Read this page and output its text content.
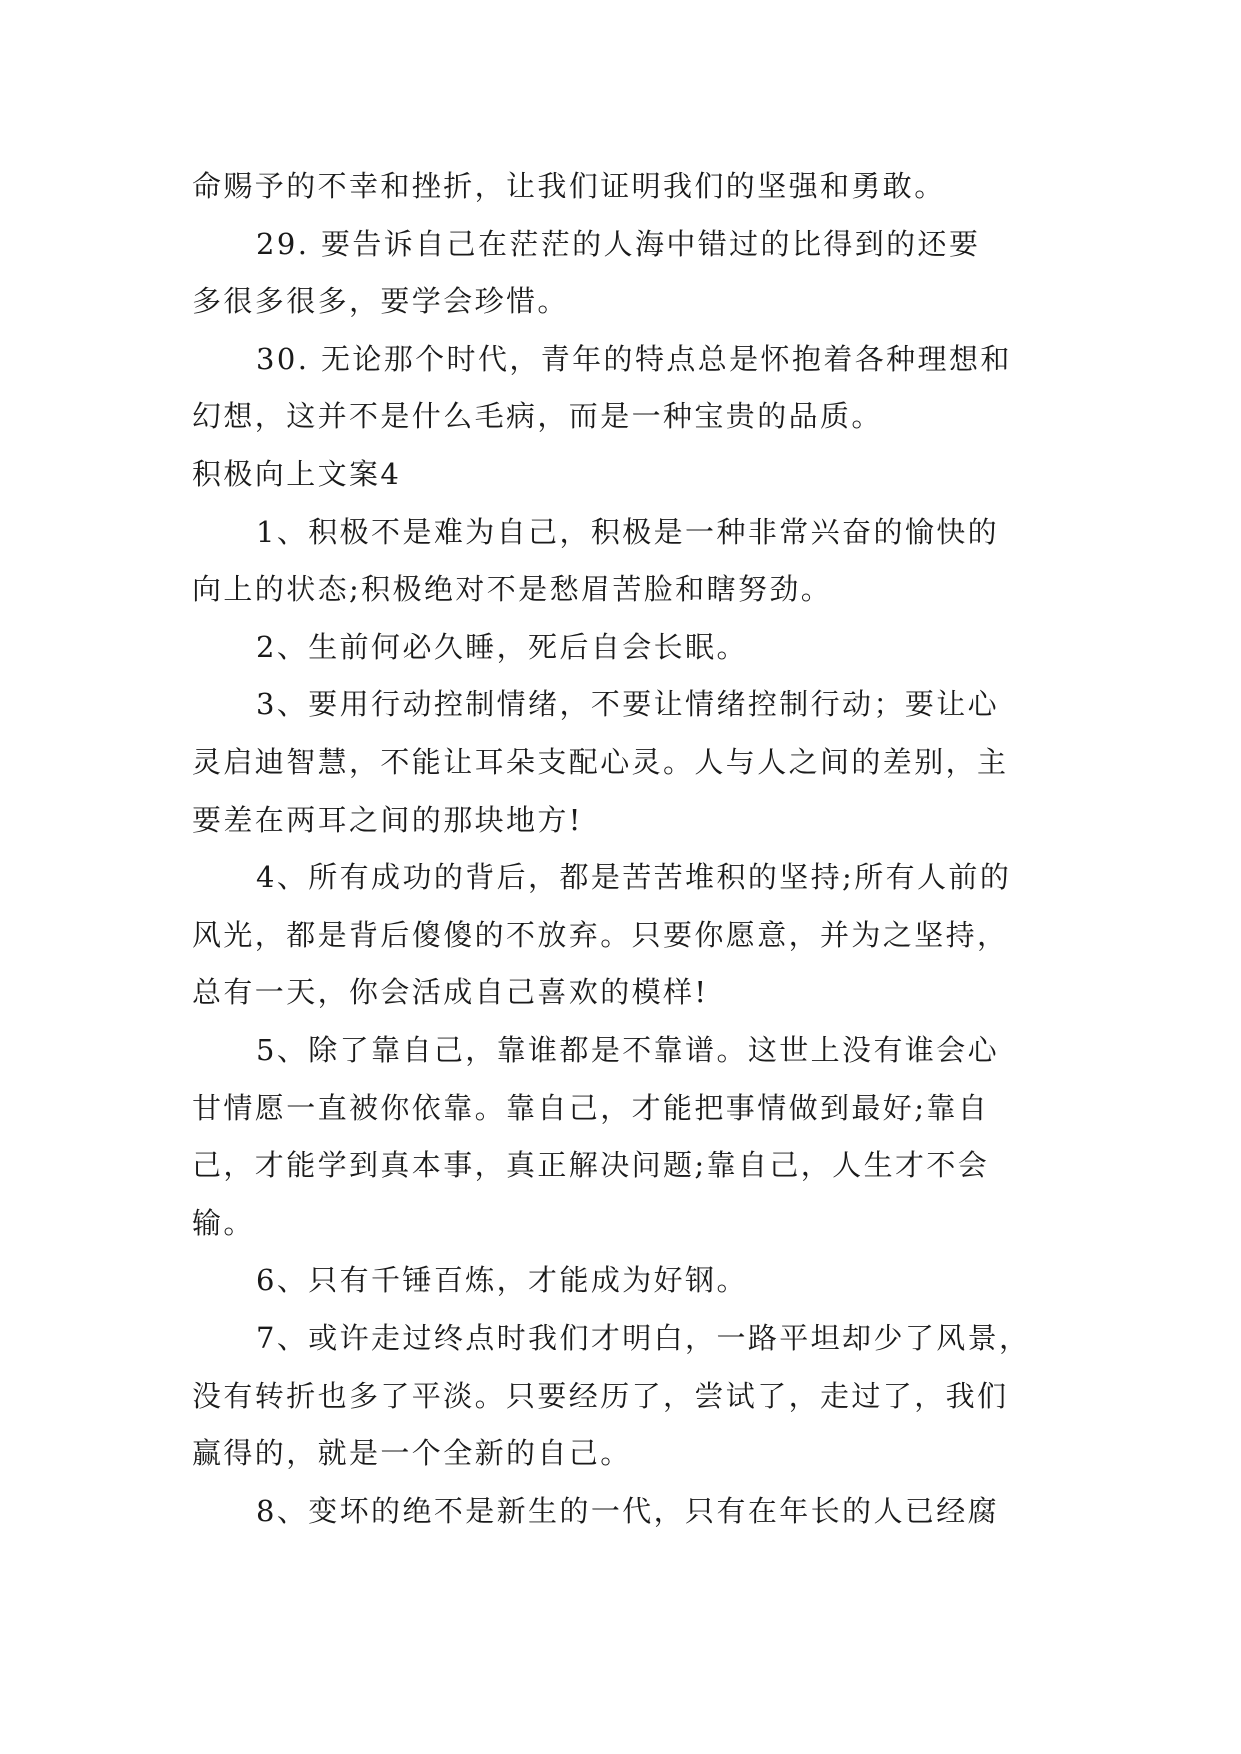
命赐予的不幸和挫折，让我们证明我们的坚强和勇敢。
29. 要告诉自己在茫茫的人海中错过的比得到的还要
多很多很多，要学会珍惜。
30. 无论那个时代，青年的特点总是怀抱着各种理想和
幻想，这并不是什么毛病，而是一种宝贵的品质。
积极向上文案4
1、积极不是难为自己，积极是一种非常兴奋的愉快的
向上的状态;积极绝对不是愁眉苦脸和瞎努劲。
2、生前何必久睡，死后自会长眠。
3、要用行动控制情绪，不要让情绪控制行动；要让心
灵启迪智慧，不能让耳朵支配心灵。人与人之间的差别，主
要差在两耳之间的那块地方!
4、所有成功的背后，都是苦苦堆积的坚持;所有人前的
风光，都是背后傻傻的不放弃。只要你愿意，并为之坚持，
总有一天，你会活成自己喜欢的模样!
5、除了靠自己，靠谁都是不靠谱。这世上没有谁会心
甘情愿一直被你依靠。靠自己，才能把事情做到最好;靠自
己，才能学到真本事，真正解决问题;靠自己，人生才不会
输。
6、只有千锤百炼，才能成为好钢。
7、或许走过终点时我们才明白，一路平坦却少了风景，
没有转折也多了平淡。只要经历了，尝试了，走过了，我们
赢得的，就是一个全新的自己。
8、变坏的绝不是新生的一代，只有在年长的人已经腐
